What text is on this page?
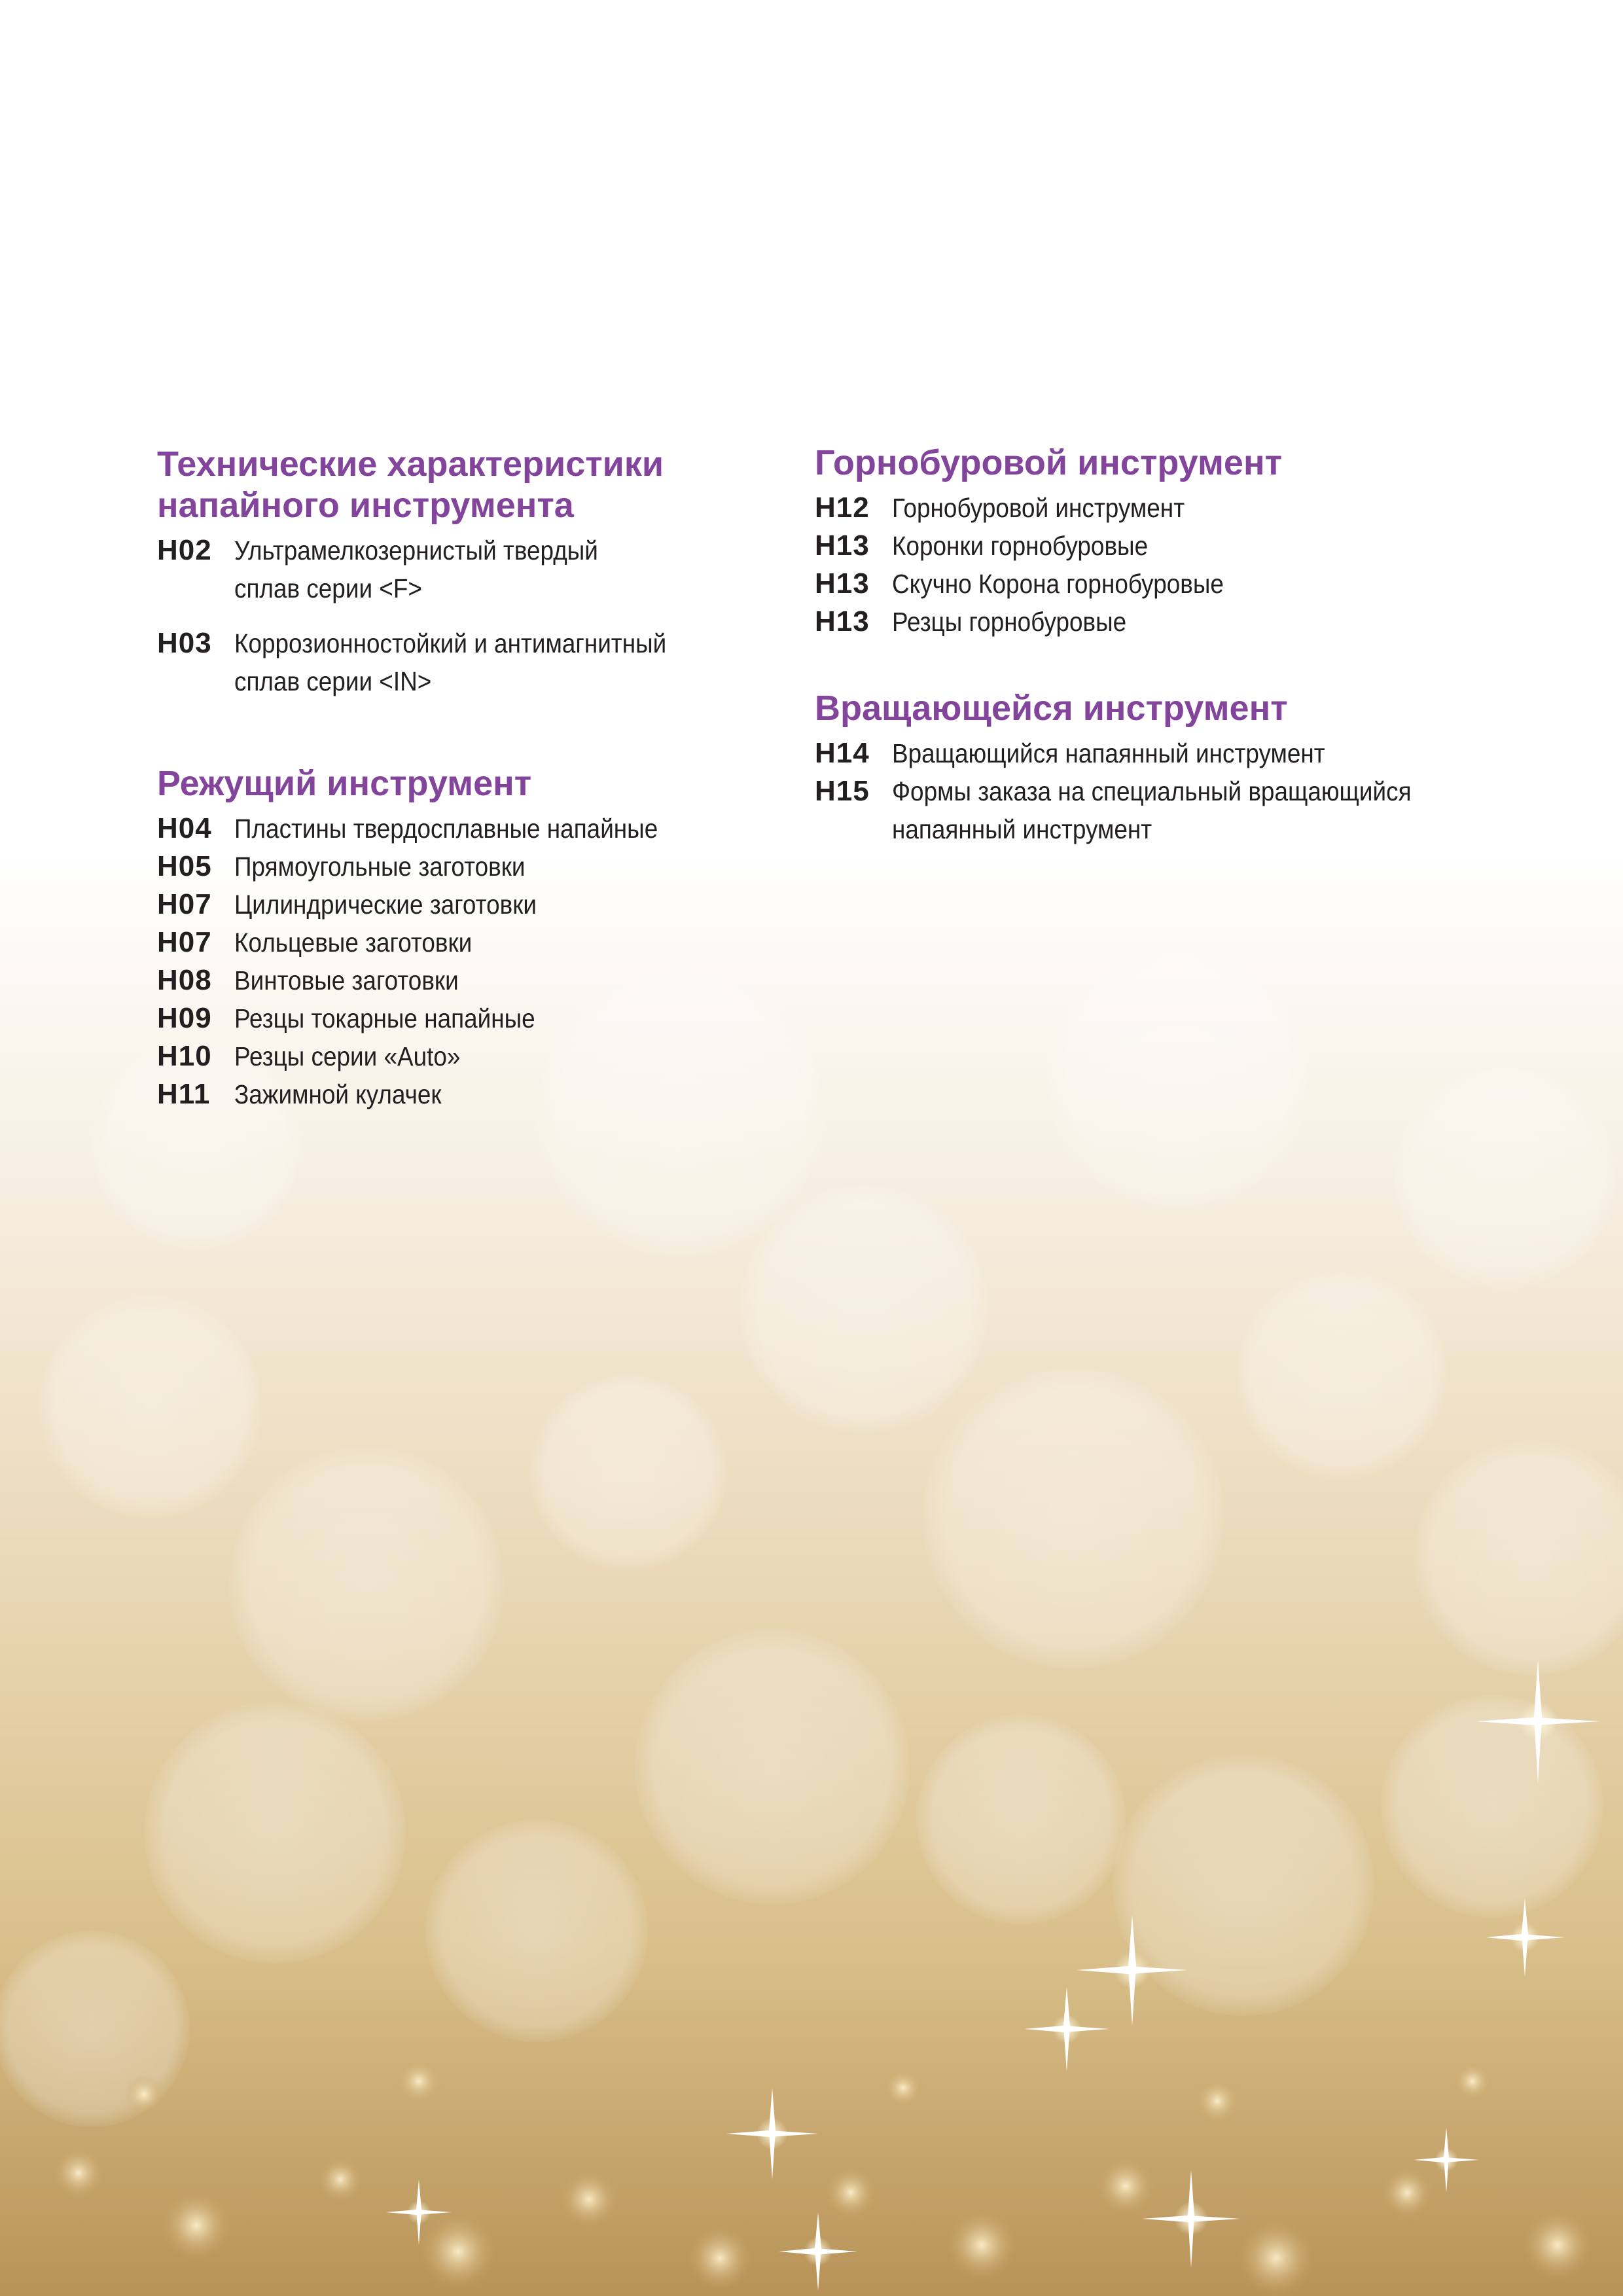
Технические характеристики
напайного инструмента
H02 Ультрамелкозернистый твердый
сплав серии <F>
H03 Коррозионностойкий и антимагнитный
сплав серии <IN>
Режущий инструмент
H04 Пластины твердосплавные напайные
H05 Прямоугольные заготовки
H07 Цилиндрические заготовки
H07 Кольцевые заготовки
H08 Винтовые заготовки
H09 Резцы токарные напайные
H10 Резцы серии «Auto»
H11 Зажимной кулачек
Горнобуровой инструмент
H12 Горнобуровой инструмент
H13 Коронки горнобуровые
H13 Скучно Корона горнобуровые
H13 Резцы горнобуровые
Вращающейся инструмент
H14 Вращающийся напаянный инструмент
H15 Формы заказа на специальный вращающийся
напаянный инструмент
